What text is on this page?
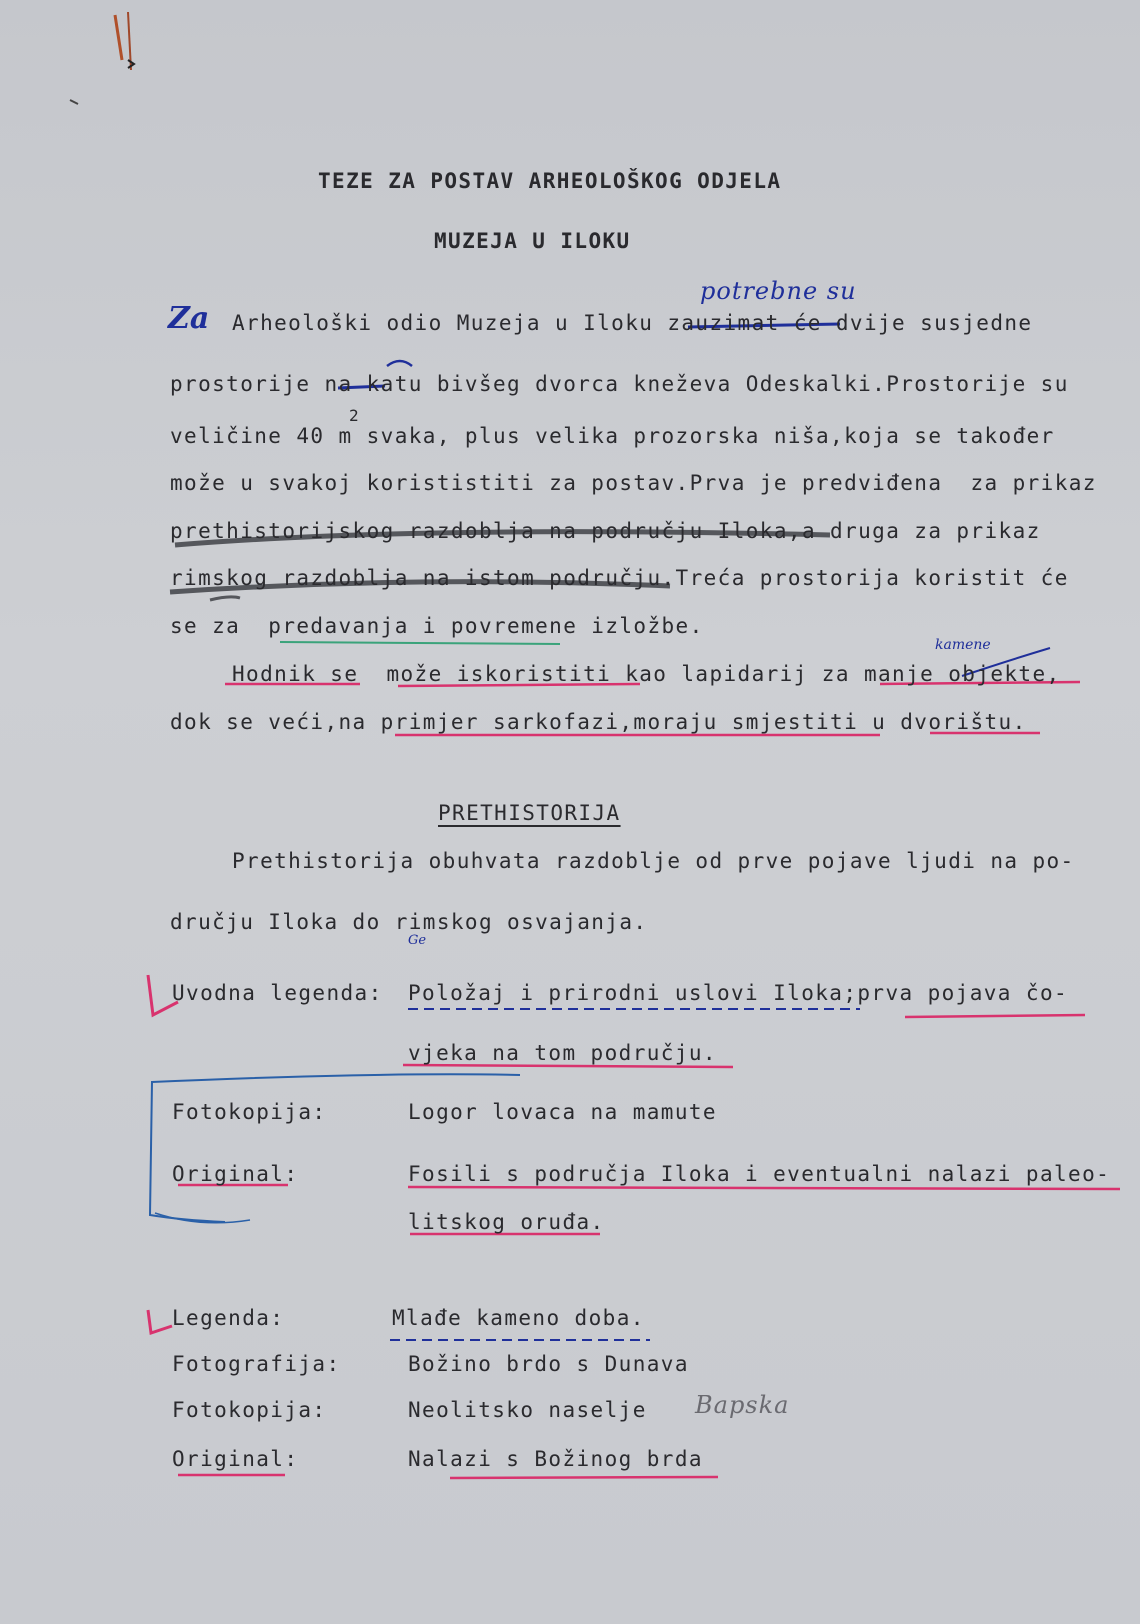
Za
potrebne su
kamene
Ge
Bapska
TEZE ZA POSTAV ARHEOLOŠKOG ODJELA
MUZEJA U ILOKU
Arheološki odio Muzeja u Iloku zauzimat će dvije susjedne
prostorije na katu bivšeg dvorca kneževa Odeskalki.Prostorije su
veličine 40 m svaka, plus velika prozorska niša,koja se također
2
može u svakoj korististiti za postav.Prva je predviđena  za prikaz
prethistorijskog razdoblja na području Iloka,a druga za prikaz
rimskog razdoblja na istom području.Treća prostorija koristit će
se za  predavanja i povremene izložbe.
Hodnik se  može iskoristiti kao lapidarij za manje objekte,
dok se veći,na primjer sarkofazi,moraju smjestiti u dvorištu.
PRETHISTORIJA
Prethistorija obuhvata razdoblje od prve pojave ljudi na po-
dručju Iloka do rimskog osvajanja.
Uvodna legenda: Položaj i prirodni uslovi Iloka;prva pojava čo-
vjeka na tom području.
Fotokopija:	Logor lovaca na mamute
Original:	Fosili s područja Iloka i eventualni nalazi paleo-
litskog oruđa.
Legenda:	Mlađe kameno doba.
Fotografija:	Božino brdo s Dunava
Fotokopija:	Neolitsko naselje
Original:	Nalazi s Božinog brda
